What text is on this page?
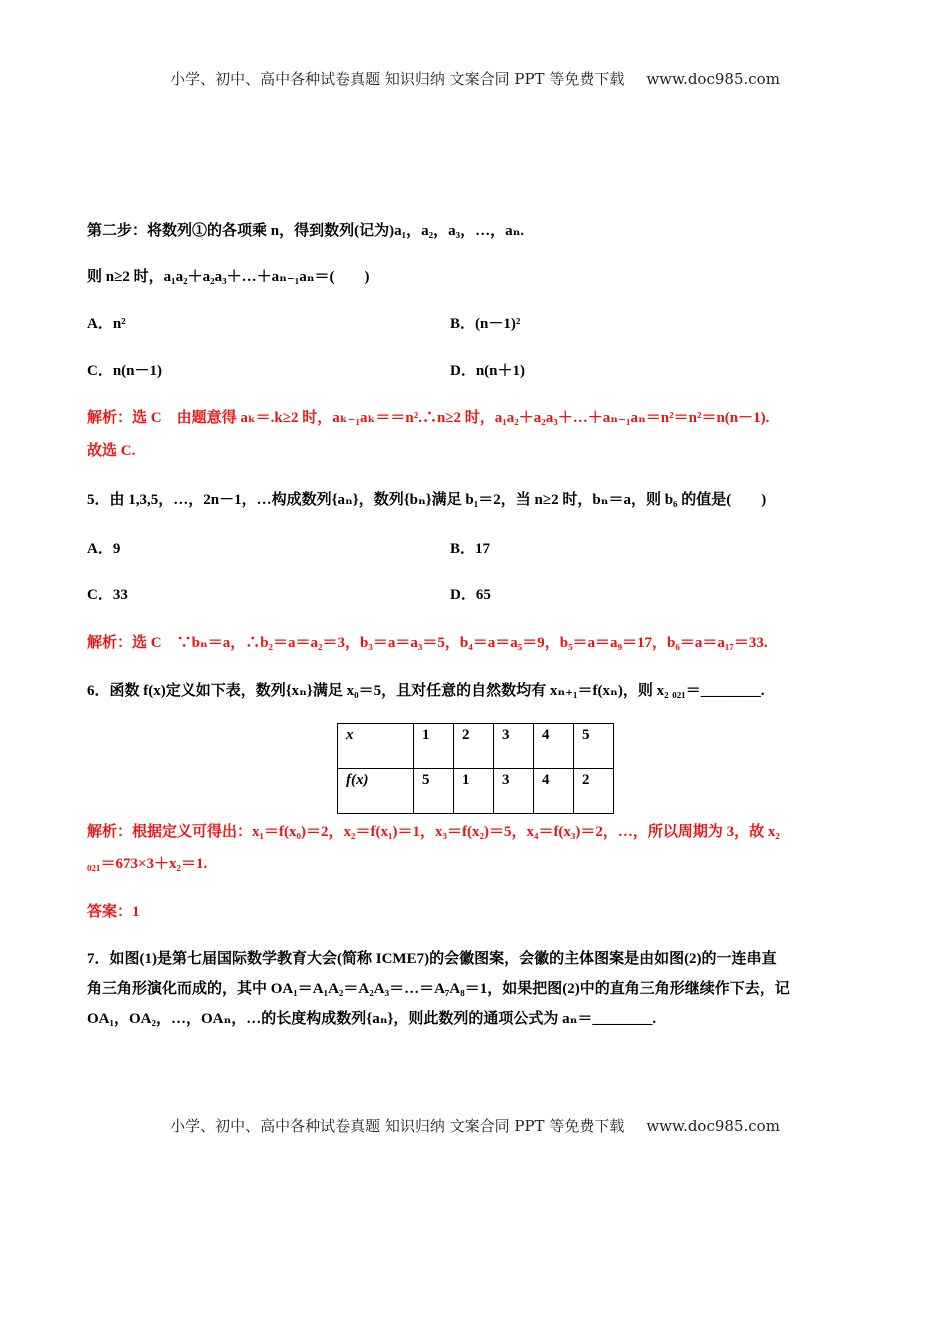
小学、初中、高中各种试卷真题 知识归纳 文案合同 PPT 等免费下载 www.doc985.com
第二步：将数列①的各项乘 n，得到数列(记为)a₁，a₂，a₃，…，aₙ.
则 n≥2 时，a₁a₂＋a₂a₃＋…＋aₙ₋₁aₙ＝(　　)
A．n²	B．(n－1)²
C．n(n－1)	D．n(n＋1)
解析：选 C　由题意得 aₖ＝.k≥2 时，aₖ₋₁aₖ＝＝n².∴n≥2 时，a₁a₂＋a₂a₃＋…＋aₙ₋₁aₙ＝n²＝n²＝n(n－1).
故选 C.
5．由 1,3,5，…，2n－1，…构成数列{aₙ}，数列{bₙ}满足 b₁＝2，当 n≥2 时，bₙ＝a，则 b₆ 的值是(　　)
A．9	B．17
C．33	D．65
解析：选 C　∵bₙ＝a，∴b₂＝a＝a₂＝3，b₃＝a＝a₃＝5，b₄＝a＝a₅＝9，b₅＝a＝a₉＝17，b₆＝a＝a₁₇＝33.
6．函数 f(x)定义如下表，数列{xₙ}满足 x₀＝5，且对任意的自然数均有 xₙ₊₁＝f(xₙ)，则 x₂ ₀₂₁＝________.
x	1	2	3	4	5
f(x)	5	1	3	4	2
解析：根据定义可得出：x₁＝f(x₀)＝2，x₂＝f(x₁)＝1，x₃＝f(x₂)＝5，x₄＝f(x₃)＝2，…，所以周期为 3，故 x₂
₀₂₁＝673×3＋x₂＝1.
答案：1
7．如图(1)是第七届国际数学教育大会(简称 ICME7)的会徽图案，会徽的主体图案是由如图(2)的一连串直
角三角形演化而成的，其中 OA₁＝A₁A₂＝A₂A₃＝…＝A₇A₈＝1，如果把图(2)中的直角三角形继续作下去，记
OA₁，OA₂，…，OAₙ，…的长度构成数列{aₙ}，则此数列的通项公式为 aₙ＝________.
小学、初中、高中各种试卷真题 知识归纳 文案合同 PPT 等免费下载 www.doc985.com
